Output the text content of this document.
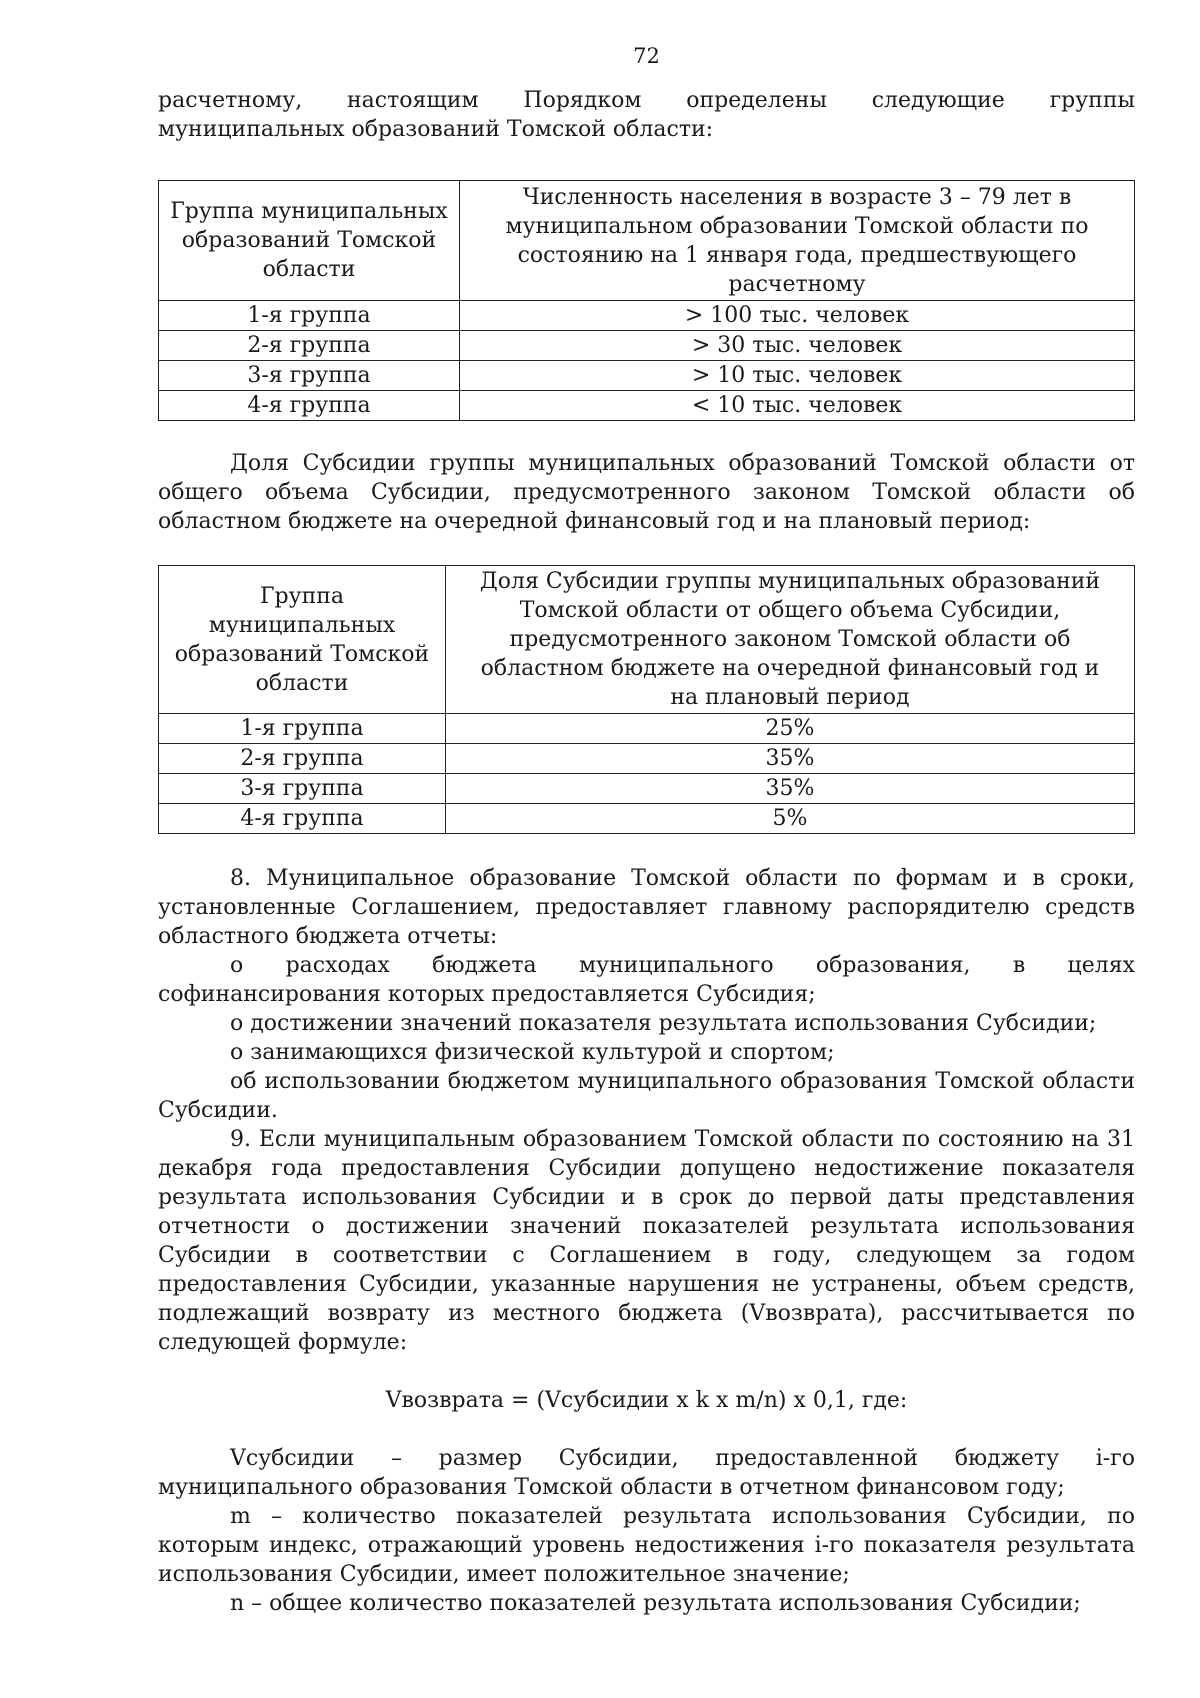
72

расчетному, настоящим Порядком определены следующие группы муниципальных образований Томской области:

Группа муниципальных образований Томской области	Численность населения в возрасте 3 – 79 лет в муниципальном образовании Томской области по состоянию на 1 января года, предшествующего расчетному
1-я группа	> 100 тыс. человек
2-я группа	> 30 тыс. человек
3-я группа	> 10 тыс. человек
4-я группа	< 10 тыс. человек

Доля Субсидии группы муниципальных образований Томской области от общего объема Субсидии, предусмотренного законом Томской области об областном бюджете на очередной финансовый год и на плановый период:

Группа муниципальных образований Томской области	Доля Субсидии группы муниципальных образований Томской области от общего объема Субсидии, предусмотренного законом Томской области об областном бюджете на очередной финансовый год и на плановый период
1-я группа	25%
2-я группа	35%
3-я группа	35%
4-я группа	5%

8. Муниципальное образование Томской области по формам и в сроки, установленные Соглашением, предоставляет главному распорядителю средств областного бюджета отчеты:

о расходах бюджета муниципального образования, в целях софинансирования которых предоставляется Субсидия;

о достижении значений показателя результата использования Субсидии;

о занимающихся физической культурой и спортом;

об использовании бюджетом муниципального образования Томской области Субсидии.

9. Если муниципальным образованием Томской области по состоянию на 31 декабря года предоставления Субсидии допущено недостижение показателя результата использования Субсидии и в срок до первой даты представления отчетности о достижении значений показателей результата использования Субсидии в соответствии с Соглашением в году, следующем за годом предоставления Субсидии, указанные нарушения не устранены, объем средств, подлежащий возврату из местного бюджета (Vвозврата), рассчитывается по следующей формуле:

Vвозврата = (Vсубсидии x k x m/n) x 0,1, где:

Vсубсидии – размер Субсидии, предоставленной бюджету i-го муниципального образования Томской области в отчетном финансовом году;

m – количество показателей результата использования Субсидии, по которым индекс, отражающий уровень недостижения i-го показателя результата использования Субсидии, имеет положительное значение;

n – общее количество показателей результата использования Субсидии;
